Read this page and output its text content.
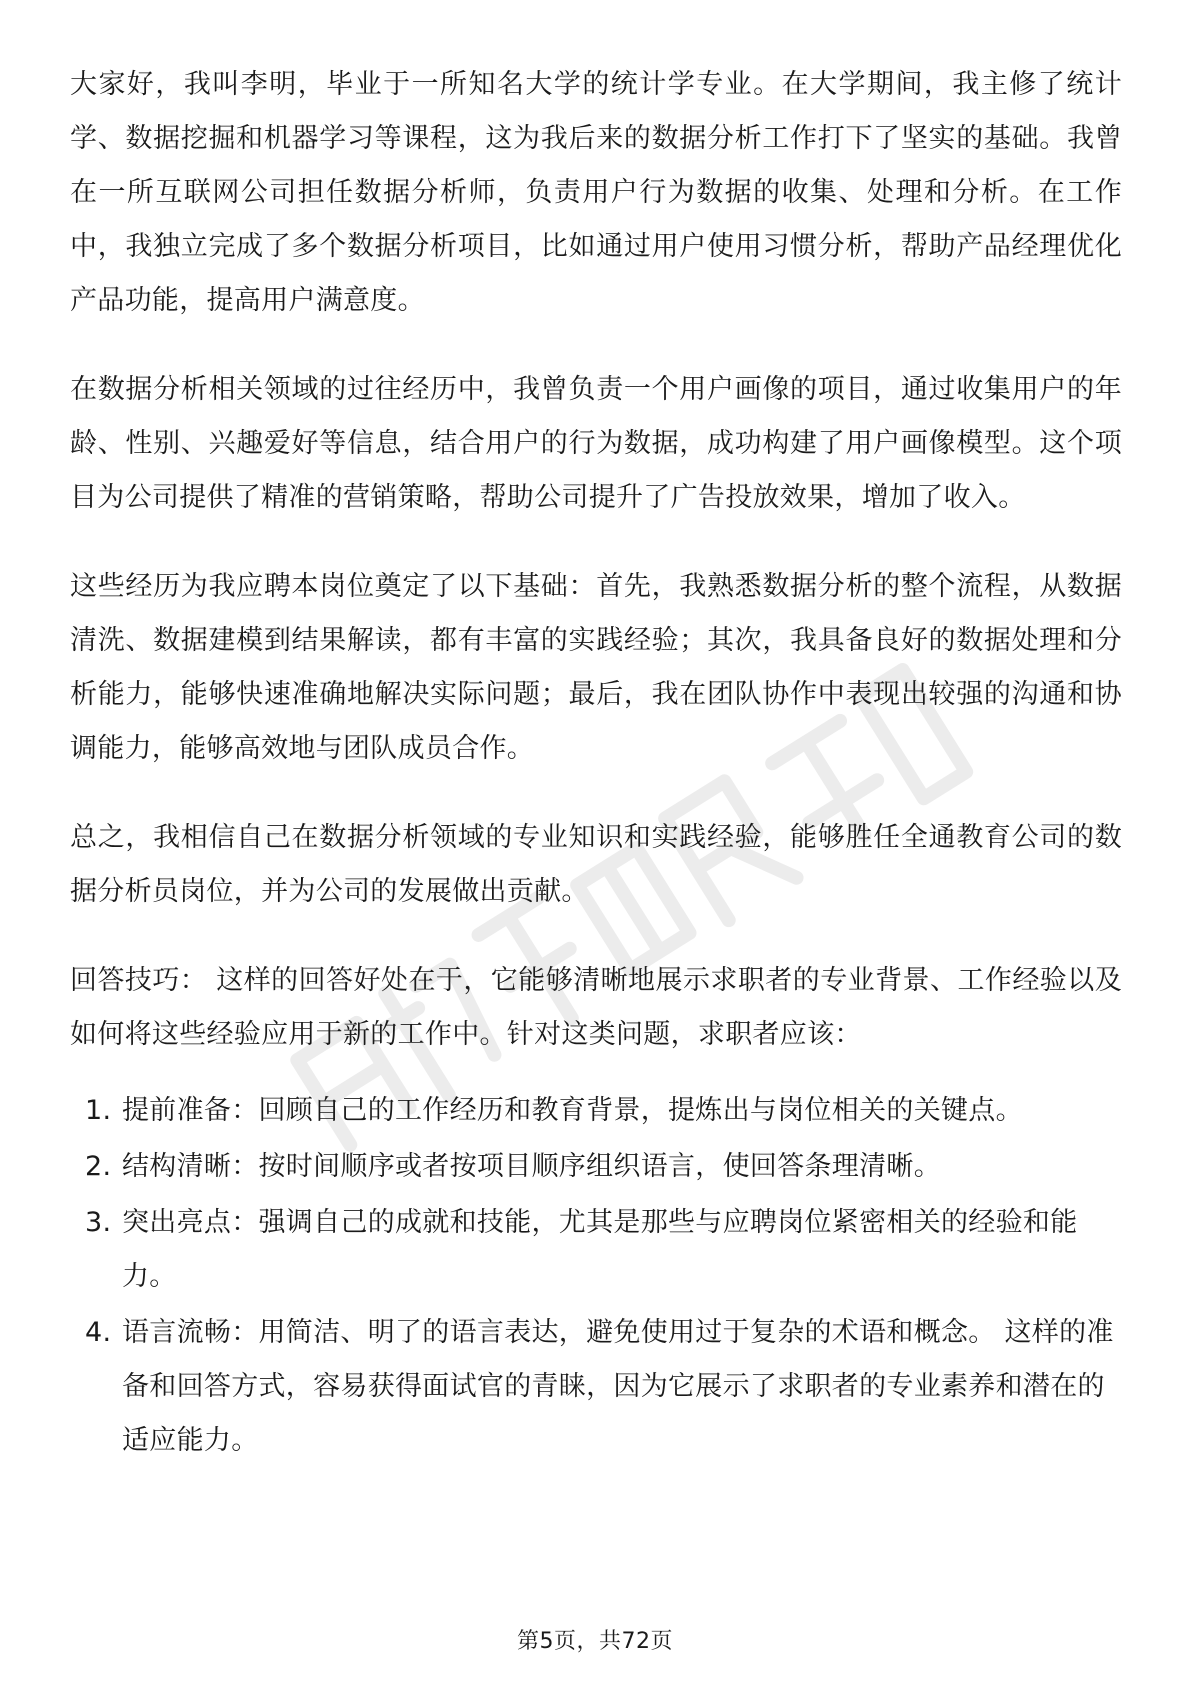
大家好，我叫李明，毕业于一所知名大学的统计学专业。在大学期间，我主修了统计学、数据挖掘和机器学习等课程，这为我后来的数据分析工作打下了坚实的基础。我曾在一所互联网公司担任数据分析师，负责用户行为数据的收集、处理和分析。在工作中，我独立完成了多个数据分析项目，比如通过用户使用习惯分析，帮助产品经理优化产品功能，提高用户满意度。

在数据分析相关领域的过往经历中，我曾负责一个用户画像的项目，通过收集用户的年龄、性别、兴趣爱好等信息，结合用户的行为数据，成功构建了用户画像模型。这个项目为公司提供了精准的营销策略，帮助公司提升了广告投放效果，增加了收入。

这些经历为我应聘本岗位奠定了以下基础：首先，我熟悉数据分析的整个流程，从数据清洗、数据建模到结果解读，都有丰富的实践经验；其次，我具备良好的数据处理和分析能力，能够快速准确地解决实际问题；最后，我在团队协作中表现出较强的沟通和协调能力，能够高效地与团队成员合作。

总之，我相信自己在数据分析领域的专业知识和实践经验，能够胜任全通教育公司的数据分析员岗位，并为公司的发展做出贡献。

回答技巧： 这样的回答好处在于，它能够清晰地展示求职者的专业背景、工作经验以及如何将这些经验应用于新的工作中。针对这类问题，求职者应该：

1. 提前准备：回顾自己的工作经历和教育背景，提炼出与岗位相关的关键点。
2. 结构清晰：按时间顺序或者按项目顺序组织语言，使回答条理清晰。
3. 突出亮点：强调自己的成就和技能，尤其是那些与应聘岗位紧密相关的经验和能力。
4. 语言流畅：用简洁、明了的语言表达，避免使用过于复杂的术语和概念。 这样的准备和回答方式，容易获得面试官的青睐，因为它展示了求职者的专业素养和潜在的适应能力。
第5页，共72页
